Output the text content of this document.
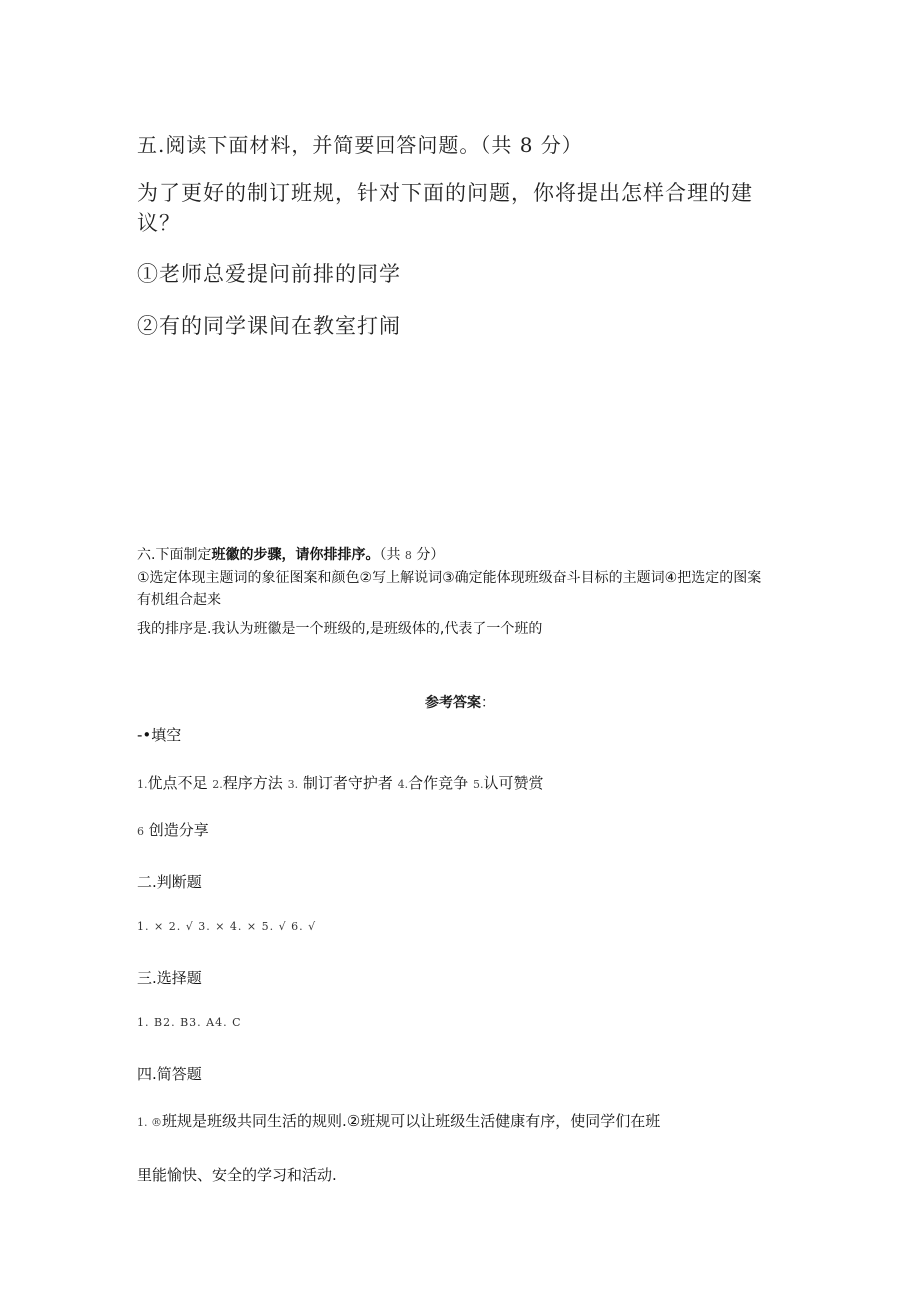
五.阅读下面材料，并简要回答问题。（共 8 分）

为了更好的制订班规，针对下面的问题，你将提出怎样合理的建议？

①老师总爱提问前排的同学

②有的同学课间在教室打闹

六.下面制定班徽的步骤，请你排排序。（共 8 分）

①选定体现主题词的象征图案和颜色②写上解说词③确定能体现班级奋斗目标的主题词④把选定的图案有机组合起来

我的排序是.我认为班徽是一个班级的,是班级体的,代表了一个班的

参考答案：

-•填空

1.优点不足 2.程序方法 3. 制订者守护者 4.合作竞争 5.认可赞赏

6 创造分享

二.判断题

1. × 2. √ 3. × 4. × 5. √ 6. √

三.选择题

1. B2. B3. A4. C

四.简答题

1. ®班规是班级共同生活的规则.②班规可以让班级生活健康有序，使同学们在班

里能愉快、安全的学习和活动.
